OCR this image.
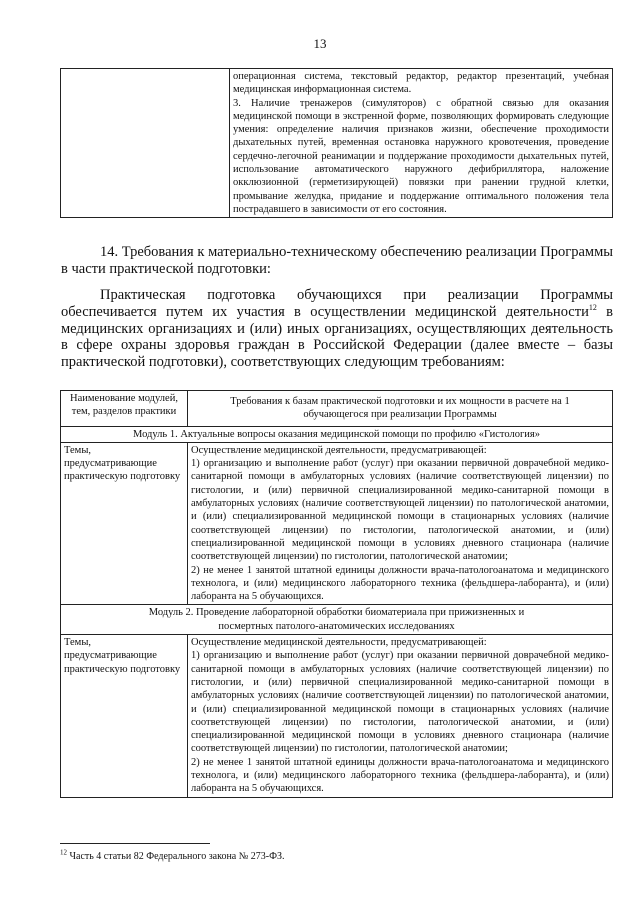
13
	операционная система, текстовый редактор, редактор презентаций, учебная медицинская информационная система.
3. Наличие тренажеров (симуляторов) с обратной связью для оказания медицинской помощи в экстренной форме, позволяющих формировать следующие умения: определение наличия признаков жизни, обеспечение проходимости дыхательных путей, временная остановка наружного кровотечения, проведение сердечно-легочной реанимации и поддержание проходимости дыхательных путей, использование автоматического наружного дефибриллятора, наложение окклюзионной (герметизирующей) повязки при ранении грудной клетки, промывание желудка, придание и поддержание оптимального положения тела пострадавшего в зависимости от его состояния.
14. Требования к материально-техническому обеспечению реализации Программы в части практической подготовки:
Практическая подготовка обучающихся при реализации Программы обеспечивается путем их участия в осуществлении медицинской деятельности$^{12}$ в медицинских организациях и (или) иных организациях, осуществляющих деятельность в сфере охраны здоровья граждан в Российской Федерации (далее вместе – базы практической подготовки), соответствующих следующим требованиям:
Наименование модулей, тем, разделов практики	Требования к базам практической подготовки и их мощности в расчете на 1 обучающегося при реализации Программы
Модуль 1. Актуальные вопросы оказания медицинской помощи по профилю «Гистология»	
Темы, предусматривающие практическую подготовку	Осуществление медицинской деятельности, предусматривающей:
1) организацию и выполнение работ (услуг) при оказании первичной доврачебной медико-санитарной помощи в амбулаторных условиях (наличие соответствующей лицензии) по гистологии, и (или) первичной специализированной медико-санитарной помощи в амбулаторных условиях (наличие соответствующей лицензии) по патологической анатомии, и (или) специализированной медицинской помощи в стационарных условиях (наличие соответствующей лицензии) по гистологии, патологической анатомии, и (или) специализированной медицинской помощи в условиях дневного стационара (наличие соответствующей лицензии) по гистологии, патологической анатомии;
2) не менее 1 занятой штатной единицы должности врача-патологоанатома и медицинского технолога, и (или) медицинского лабораторного техника (фельдшера-лаборанта), и (или) лаборанта на 5 обучающихся.
Модуль 2. Проведение лабораторной обработки биоматериала при прижизненных и посмертных патолого-анатомических исследованиях	
Темы, предусматривающие практическую подготовку	Осуществление медицинской деятельности, предусматривающей:
1) организацию и выполнение работ (услуг) при оказании первичной доврачебной медико-санитарной помощи в амбулаторных условиях (наличие соответствующей лицензии) по гистологии, и (или) первичной специализированной медико-санитарной помощи в амбулаторных условиях (наличие соответствующей лицензии) по патологической анатомии, и (или) специализированной медицинской помощи в стационарных условиях (наличие соответствующей лицензии) по гистологии, патологической анатомии, и (или) специализированной медицинской помощи в условиях дневного стационара (наличие соответствующей лицензии) по гистологии, патологической анатомии;
2) не менее 1 занятой штатной единицы должности врача-патологоанатома и медицинского технолога, и (или) медицинского лабораторного техника (фельдшера-лаборанта), и (или) лаборанта на 5 обучающихся.
$^{12}$ Часть 4 статьи 82 Федерального закона № 273-ФЗ.
